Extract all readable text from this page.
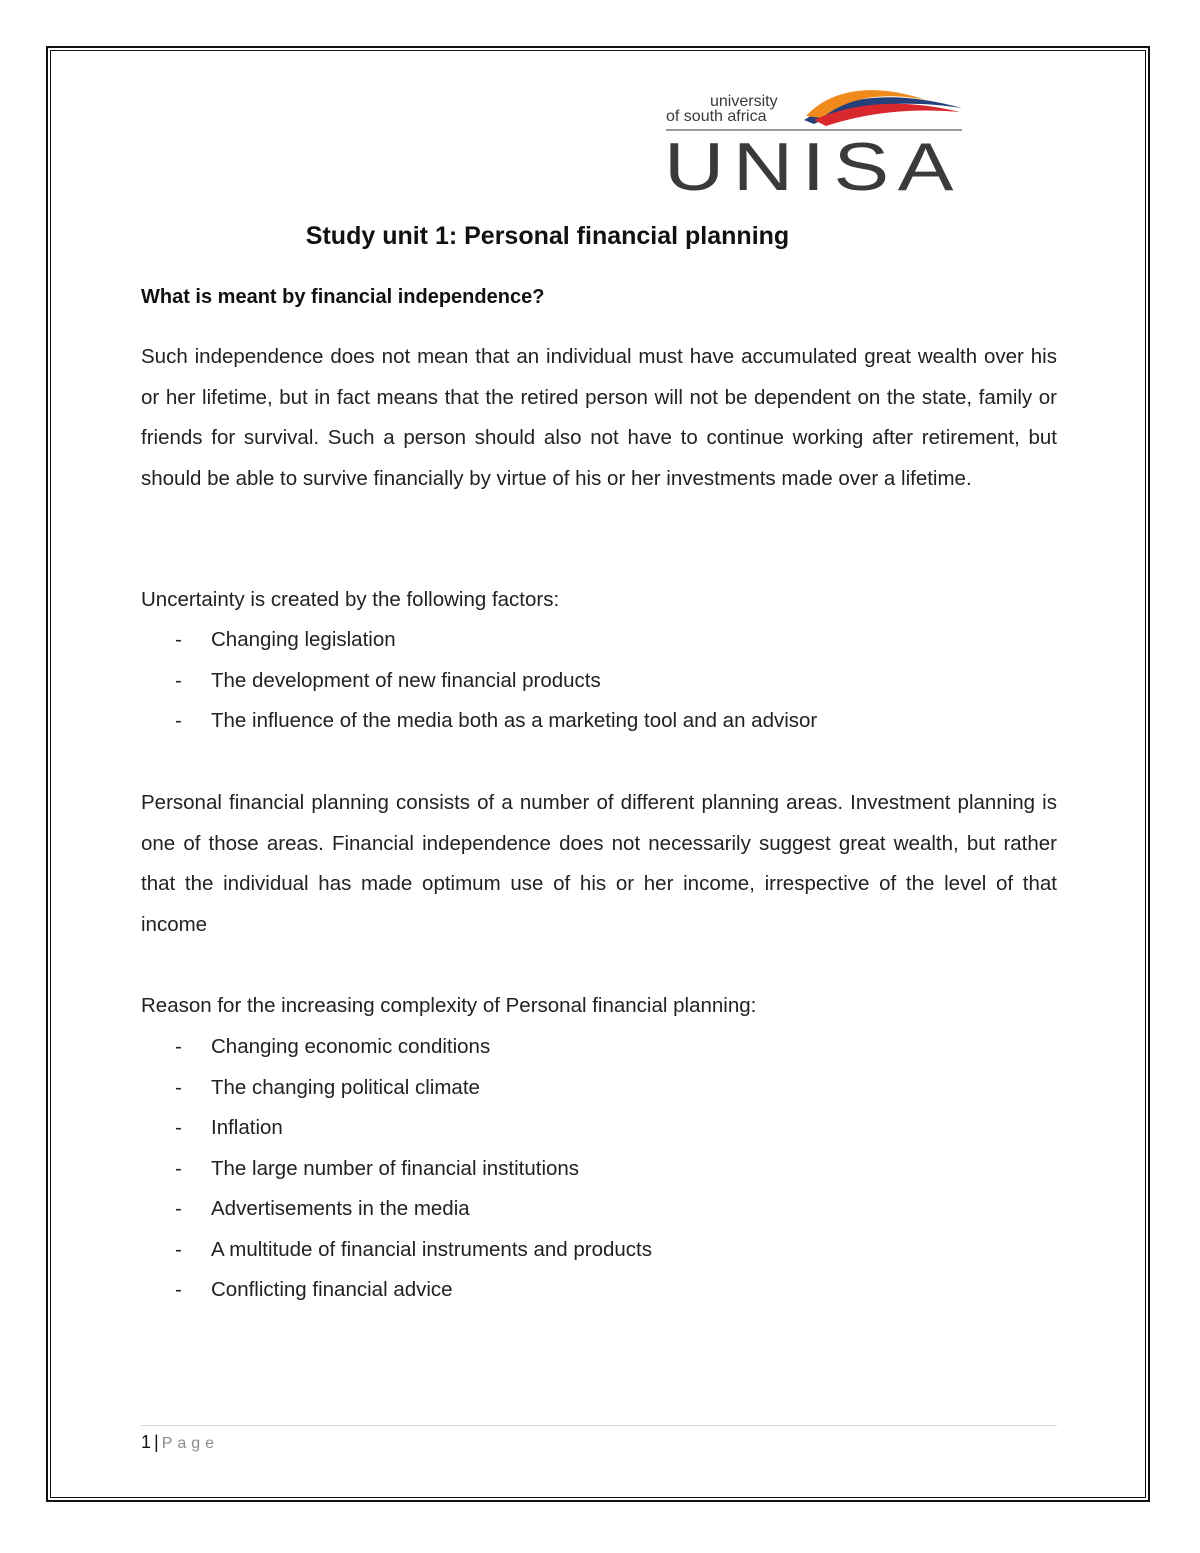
university
of south africa
UNISA
Study unit 1: Personal financial planning
What is meant by financial independence?
Such independence does not mean that an individual must have accumulated great wealth over his or her lifetime, but in fact means that the retired person will not be dependent on the state, family or friends for survival. Such a person should also not have to continue working after retirement, but should be able to survive financially by virtue of his or her investments made over a lifetime.
Uncertainty is created by the following factors:
- Changing legislation
- The development of new financial products
- The influence of the media both as a marketing tool and an advisor
Personal financial planning consists of a number of different planning areas. Investment planning is one of those areas. Financial independence does not necessarily suggest great wealth, but rather that the individual has made optimum use of his or her income, irrespective of the level of that income
Reason for the increasing complexity of Personal financial planning:
- Changing economic conditions
- The changing political climate
- Inflation
- The large number of financial institutions
- Advertisements in the media
- A multitude of financial instruments and products
- Conflicting financial advice
1 | Page
